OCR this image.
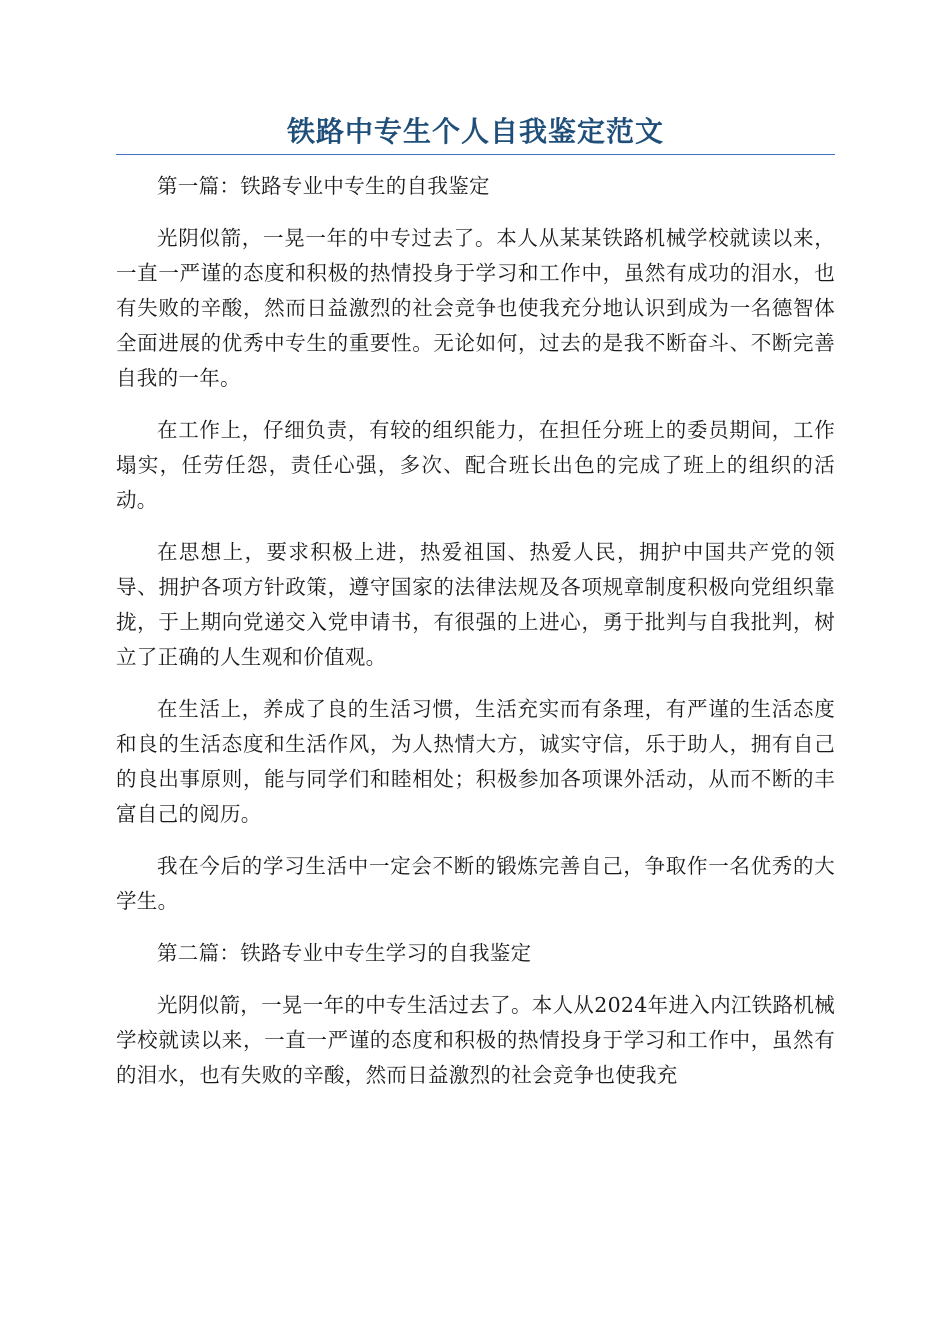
铁路中专生个人自我鉴定范文

第一篇：铁路专业中专生的自我鉴定

光阴似箭，一晃一年的中专过去了。本人从某某铁路机械学校就读以来，一直一严谨的态度和积极的热情投身于学习和工作中，虽然有成功的泪水，也有失败的辛酸，然而日益激烈的社会竞争也使我充分地认识到成为一名德智体全面进展的优秀中专生的重要性。无论如何，过去的是我不断奋斗、不断完善自我的一年。

在工作上，仔细负责，有较的组织能力，在担任分班上的委员期间，工作塌实，任劳任怨，责任心强，多次、配合班长出色的完成了班上的组织的活动。

在思想上，要求积极上进，热爱祖国、热爱人民，拥护中国共产党的领导、拥护各项方针政策，遵守国家的法律法规及各项规章制度积极向党组织靠拢，于上期向党递交入党申请书，有很强的上进心，勇于批判与自我批判，树立了正确的人生观和价值观。

在生活上，养成了良的生活习惯，生活充实而有条理，有严谨的生活态度和良的生活态度和生活作风，为人热情大方，诚实守信，乐于助人，拥有自己的良出事原则，能与同学们和睦相处；积极参加各项课外活动，从而不断的丰富自己的阅历。

我在今后的学习生活中一定会不断的锻炼完善自己，争取作一名优秀的大学生。

第二篇：铁路专业中专生学习的自我鉴定

光阴似箭，一晃一年的中专生活过去了。本人从2024年进入内江铁路机械学校就读以来，一直一严谨的态度和积极的热情投身于学习和工作中，虽然有的泪水，也有失败的辛酸，然而日益激烈的社会竞争也使我充
